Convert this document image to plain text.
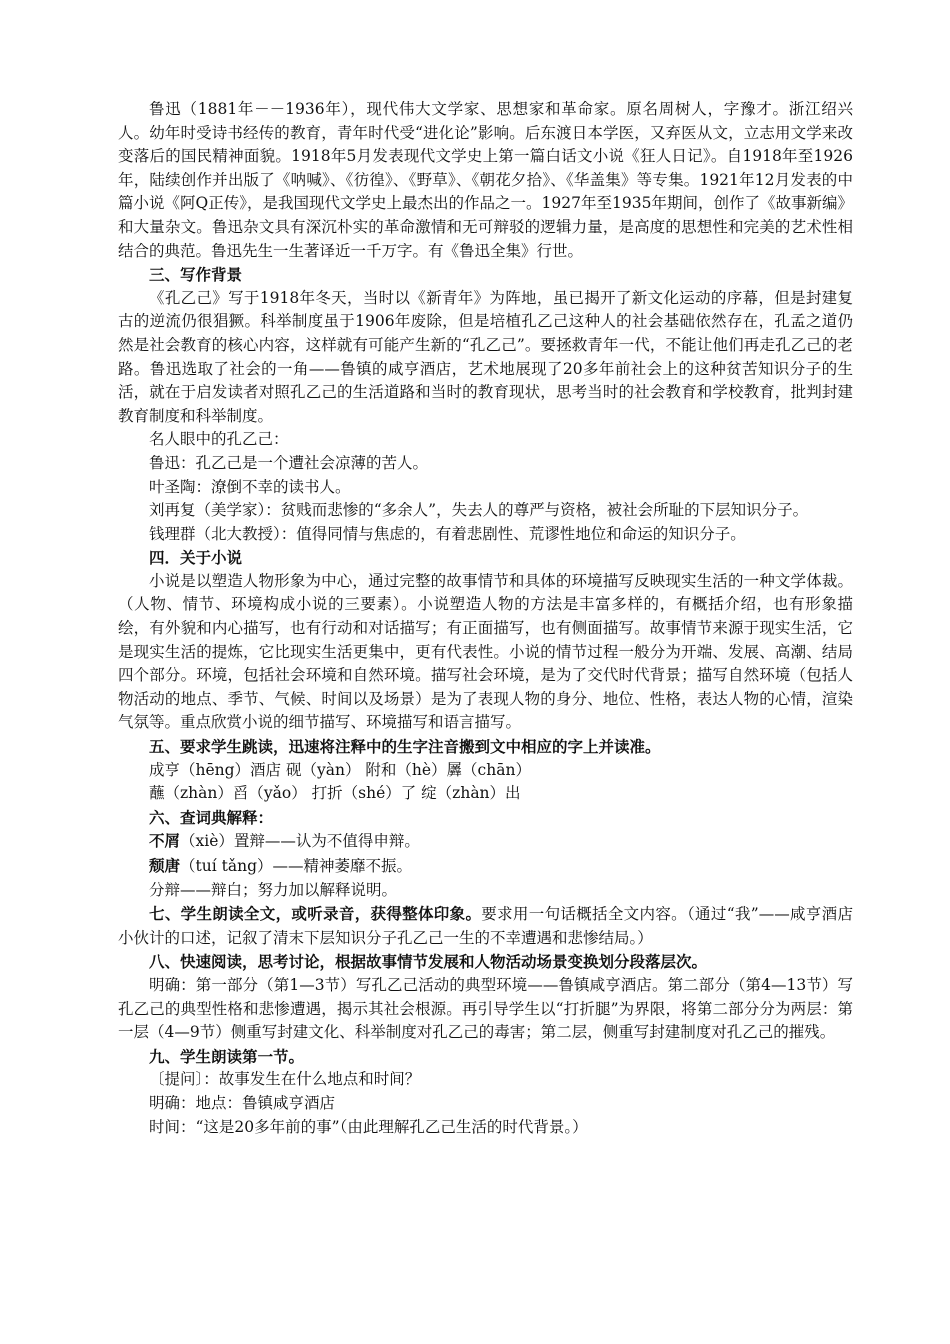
鲁迅（1881年－－1936年），现代伟大文学家、思想家和革命家。原名周树人，字豫才。浙江绍兴人。幼年时受诗书经传的教育，青年时代受“进化论”影响。后东渡日本学医，又弃医从文，立志用文学来改变落后的国民精神面貌。1918年5月发表现代文学史上第一篇白话文小说《狂人日记》。自1918年至1926年，陆续创作并出版了《呐喊》、《彷徨》、《野草》、《朝花夕拾》、《华盖集》等专集。1921年12月发表的中篇小说《阿Q正传》，是我国现代文学史上最杰出的作品之一。1927年至1935年期间，创作了《故事新编》和大量杂文。鲁迅杂文具有深沉朴实的革命激情和无可辩驳的逻辑力量，是高度的思想性和完美的艺术性相结合的典范。鲁迅先生一生著译近一千万字。有《鲁迅全集》行世。

三、写作背景

《孔乙己》写于1918年冬天，当时以《新青年》为阵地，虽已揭开了新文化运动的序幕，但是封建复古的逆流仍很猖獗。科举制度虽于1906年废除，但是培植孔乙己这种人的社会基础依然存在，孔孟之道仍然是社会教育的核心内容，这样就有可能产生新的“孔乙己”。要拯救青年一代，不能让他们再走孔乙己的老路。鲁迅选取了社会的一角——鲁镇的咸亨酒店，艺术地展现了20多年前社会上的这种贫苦知识分子的生活，就在于启发读者对照孔乙己的生活道路和当时的教育现状，思考当时的社会教育和学校教育，批判封建教育制度和科举制度。

名人眼中的孔乙己：

鲁迅：孔乙己是一个遭社会凉薄的苦人。

叶圣陶：潦倒不幸的读书人。

刘再复（美学家）：贫贱而悲惨的“多余人”，失去人的尊严与资格，被社会所耻的下层知识分子。

钱理群（北大教授）：值得同情与焦虑的，有着悲剧性、荒谬性地位和命运的知识分子。

四．关于小说

小说是以塑造人物形象为中心，通过完整的故事情节和具体的环境描写反映现实生活的一种文学体裁。（人物、情节、环境构成小说的三要素）。小说塑造人物的方法是丰富多样的，有概括介绍，也有形象描绘，有外貌和内心描写，也有行动和对话描写；有正面描写，也有侧面描写。故事情节来源于现实生活，它是现实生活的提炼，它比现实生活更集中，更有代表性。小说的情节过程一般分为开端、发展、高潮、结局四个部分。环境，包括社会环境和自然环境。描写社会环境，是为了交代时代背景；描写自然环境（包括人物活动的地点、季节、气候、时间以及场景）是为了表现人物的身分、地位、性格，表达人物的心情，渲染气氛等。重点欣赏小说的细节描写、环境描写和语言描写。

五、要求学生跳读，迅速将注释中的生字注音搬到文中相应的字上并读准。

成亨（hēng）酒店 砚（yàn） 附和（hè）羼（chān）

蘸（zhàn）舀（yǎo） 打折（shé）了 绽（zhàn）出

六、查词典解释：

不屑（xiè）置辩——认为不值得申辩。

颓唐（tuí tǎng）——精神萎靡不振。

分辩——辩白；努力加以解释说明。

七、学生朗读全文，或听录音，获得整体印象。要求用一句话概括全文内容。（通过“我”——咸亨酒店小伙计的口述，记叙了清末下层知识分子孔乙己一生的不幸遭遇和悲惨结局。）

八、快速阅读，思考讨论，根据故事情节发展和人物活动场景变换划分段落层次。

明确：第一部分（第1—3节）写孔乙己活动的典型环境——鲁镇咸亨酒店。第二部分（第4—13节）写孔乙己的典型性格和悲惨遭遇，揭示其社会根源。再引导学生以“打折腿”为界限，将第二部分分为两层：第一层（4—9节）侧重写封建文化、科举制度对孔乙己的毒害；第二层，侧重写封建制度对孔乙己的摧残。

九、学生朗读第一节。

〔提问〕：故事发生在什么地点和时间？

明确：地点：鲁镇咸亨酒店

时间：“这是20多年前的事”（由此理解孔乙己生活的时代背景。）
